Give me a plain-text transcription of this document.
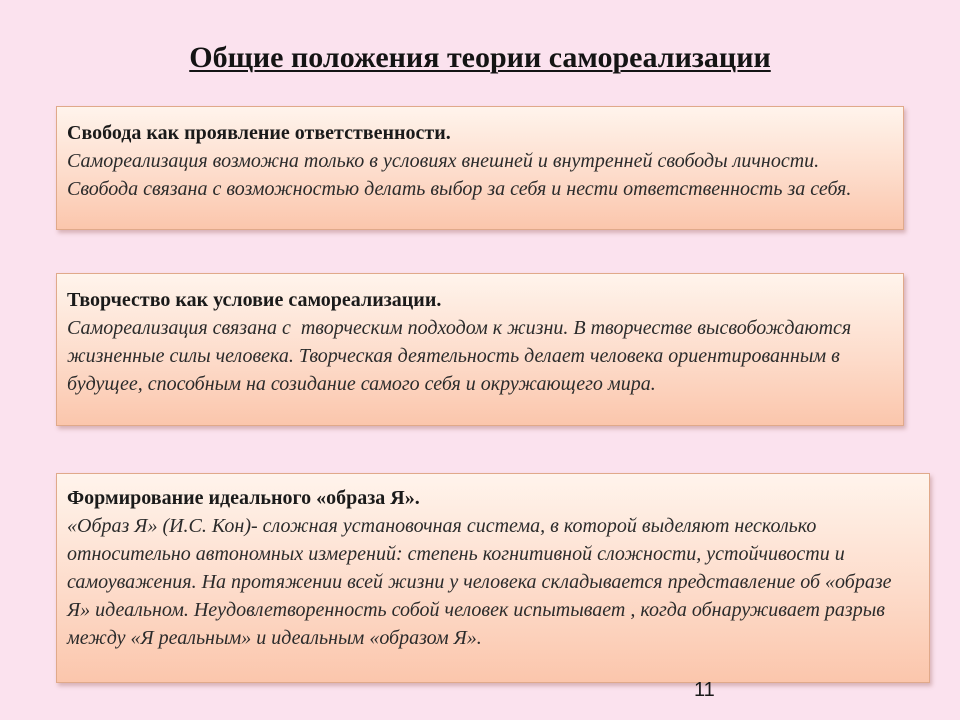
Общие положения теории самореализации
Свобода как проявление ответственности.
Самореализация возможна только в условиях внешней и внутренней свободы личности. Свобода связана с возможностью делать выбор за себя и нести ответственность за себя.
Творчество как условие самореализации.
Самореализация связана с  творческим подходом к жизни. В творчестве высвобождаются жизненные силы человека. Творческая деятельность делает человека ориентированным в будущее, способным на созидание самого себя и окружающего мира.
Формирование идеального «образа Я».
«Образ Я» (И.С. Кон)- сложная установочная система, в которой выделяют несколько относительно автономных измерений: степень когнитивной сложности, устойчивости и самоуважения. На протяжении всей жизни у человека складывается представление об «образе Я» идеальном. Неудовлетворенность собой человек испытывает , когда обнаруживает разрыв между «Я реальным» и идеальным «образом Я».
11
